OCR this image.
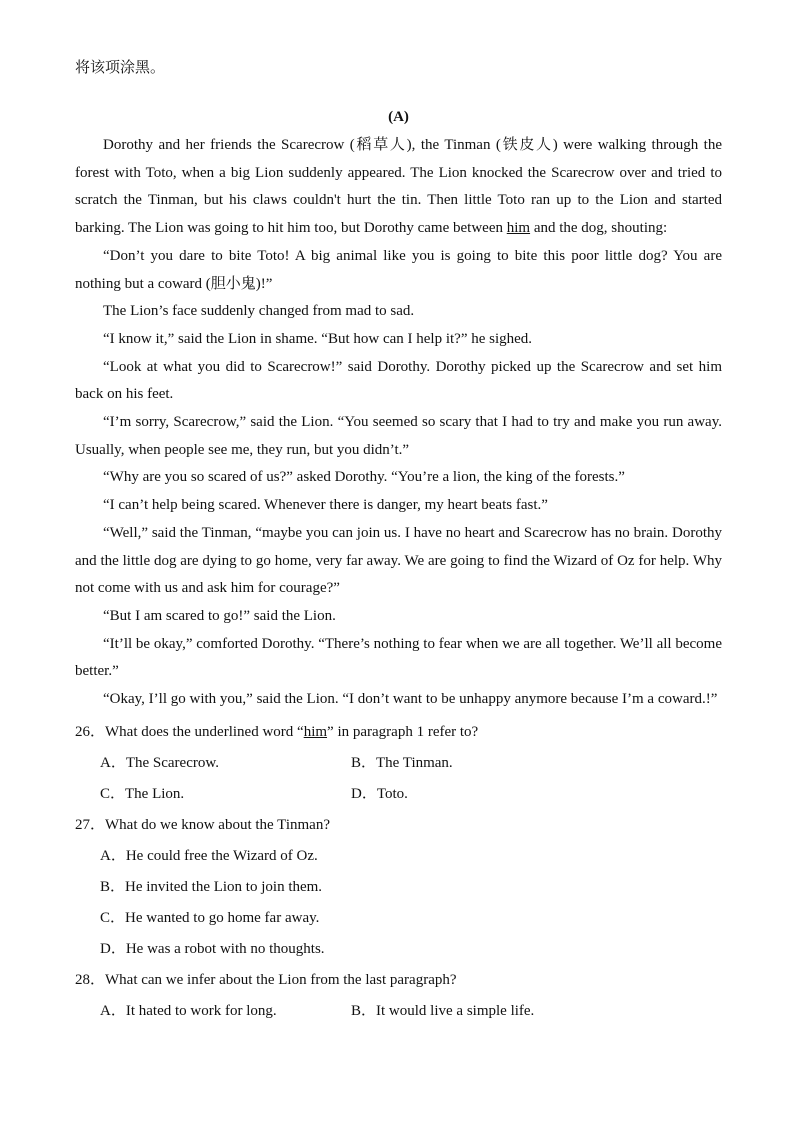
将该项涂黑。

(A)

Dorothy and her friends the Scarecrow (稻草人), the Tinman (铁皮人) were walking through the forest with Toto, when a big Lion suddenly appeared. The Lion knocked the Scarecrow over and tried to scratch the Tinman, but his claws couldn't hurt the tin. Then little Toto ran up to the Lion and started barking. The Lion was going to hit him too, but Dorothy came between him and the dog, shouting:

“Don’t you dare to bite Toto! A big animal like you is going to bite this poor little dog? You are nothing but a coward (胆小鬼)!”

The Lion’s face suddenly changed from mad to sad.

“I know it,” said the Lion in shame. “But how can I help it?” he sighed.

“Look at what you did to Scarecrow!” said Dorothy. Dorothy picked up the Scarecrow and set him back on his feet.

“I’m sorry, Scarecrow,” said the Lion. “You seemed so scary that I had to try and make you run away. Usually, when people see me, they run, but you didn’t.”

“Why are you so scared of us?” asked Dorothy. “You’re a lion, the king of the forests.”

“I can’t help being scared. Whenever there is danger, my heart beats fast.”

“Well,” said the Tinman, “maybe you can join us. I have no heart and Scarecrow has no brain. Dorothy and the little dog are dying to go home, very far away. We are going to find the Wizard of Oz for help. Why not come with us and ask him for courage?”

“But I am scared to go!” said the Lion.

“It’ll be okay,” comforted Dorothy. “There’s nothing to fear when we are all together. We’ll all become better.”

“Okay, I’ll go with you,” said the Lion. “I don’t want to be unhappy anymore because I’m a coward.!”

26．What does the underlined word “him” in paragraph 1 refer to?

A．The Scarecrow.	B．The Tinman.
C．The Lion.	D．Toto.

27．What do we know about the Tinman?

A．He could free the Wizard of Oz.

B．He invited the Lion to join them.

C．He wanted to go home far away.

D．He was a robot with no thoughts.

28．What can we infer about the Lion from the last paragraph?

A．It hated to work for long.	B．It would live a simple life.
